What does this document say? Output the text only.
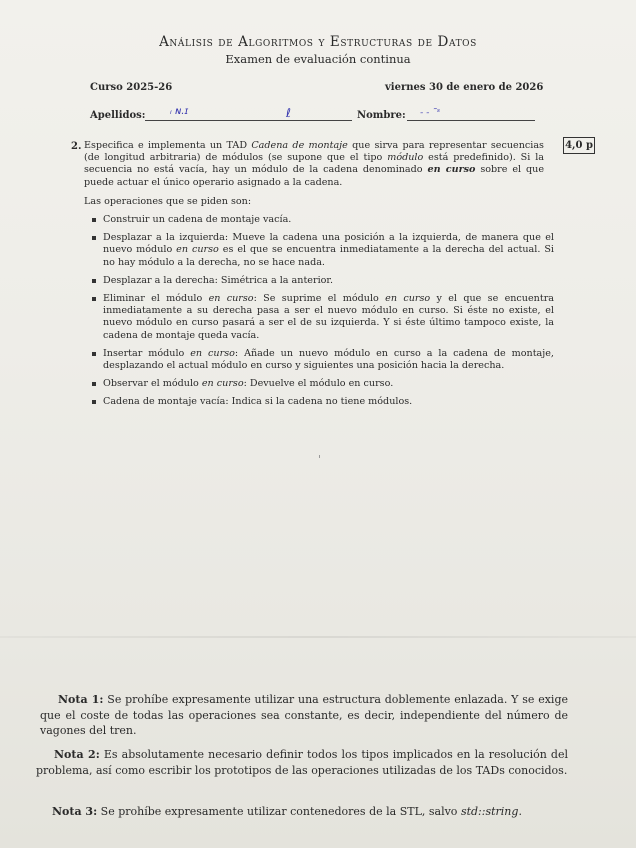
Análisis de Algoritmos y Estructuras de Datos
Examen de evaluación continua
Curso 2025-26	viernes 30 de enero de 2026
Apellidos: ᵢ ɴ.ɪ	ℓ	Nombre: - - ˜ˢ
2.	4,0 p
Especifica e implementa un TAD Cadena de montaje que sirva para representar secuencias (de longitud arbitraria) de módulos (se supone que el tipo módulo está predefinido). Si la secuencia no está vacía, hay un módulo de la cadena denominado en curso sobre el que puede actuar el único operario asignado a la cadena.
Las operaciones que se piden son:
Construir un cadena de montaje vacía.
Desplazar a la izquierda: Mueve la cadena una posición a la izquierda, de manera que el nuevo módulo en curso es el que se encuentra inmediatamente a la derecha del actual. Si no hay módulo a la derecha, no se hace nada.
Desplazar a la derecha: Simétrica a la anterior.
Eliminar el módulo en curso: Se suprime el módulo en curso y el que se encuentra inmediatamente a su derecha pasa a ser el nuevo módulo en curso. Si éste no existe, el nuevo módulo en curso pasará a ser el de su izquierda. Y si éste último tampoco existe, la cadena de montaje queda vacía.
Insertar módulo en curso: Añade un nuevo módulo en curso a la cadena de montaje, desplazando el actual módulo en curso y siguientes una posición hacia la derecha.
Observar el módulo en curso: Devuelve el módulo en curso.
Cadena de montaje vacía: Indica si la cadena no tiene módulos.
Nota 1: Se prohíbe expresamente utilizar una estructura doblemente enlazada. Y se exige que el coste de todas las operaciones sea constante, es decir, independiente del número de vagones del tren.
Nota 2: Es absolutamente necesario definir todos los tipos implicados en la resolución del problema, así como escribir los prototipos de las operaciones utilizadas de los TADs conocidos.
Nota 3: Se prohíbe expresamente utilizar contenedores de la STL, salvo std::string.
